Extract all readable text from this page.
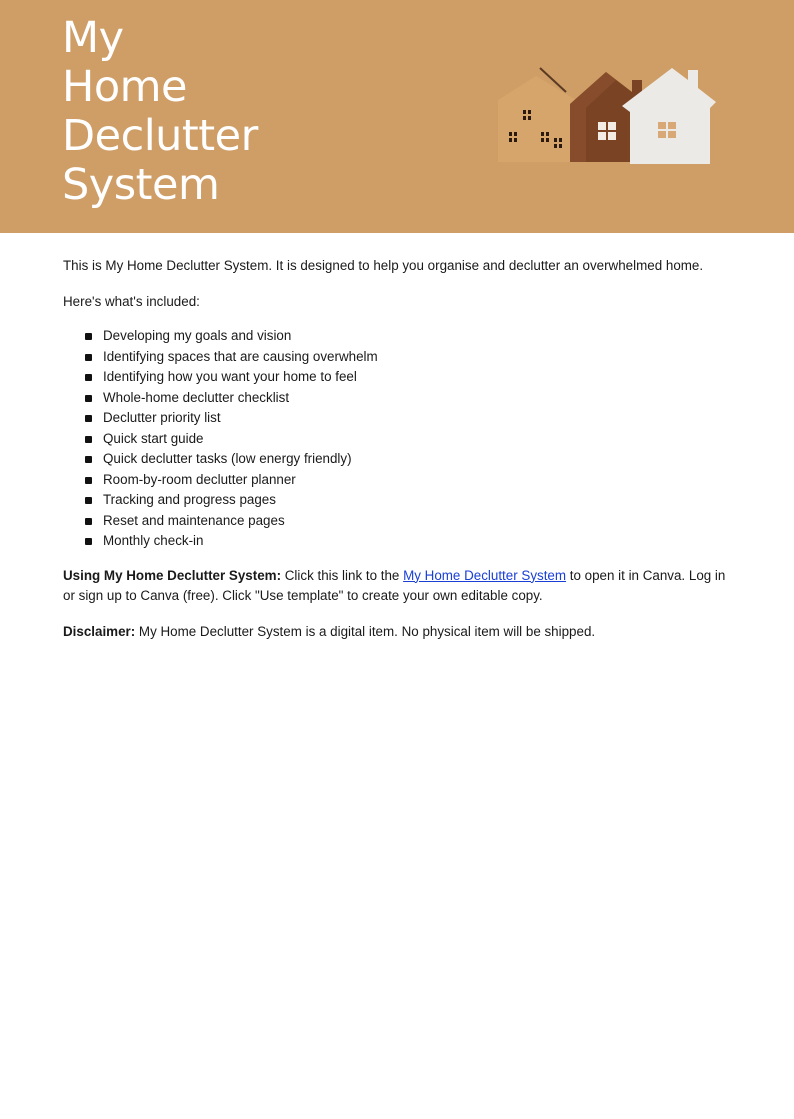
My
Home
Declutter
System

This is My Home Declutter System. It is designed to help you organise and declutter an overwhelmed home.

Here's what's included:

Developing my goals and vision
Identifying spaces that are causing overwhelm
Identifying how you want your home to feel
Whole-home declutter checklist
Declutter priority list
Quick start guide
Quick declutter tasks (low energy friendly)
Room-by-room declutter planner
Tracking and progress pages
Reset and maintenance pages
Monthly check-in

Using My Home Declutter System: Click this link to the My Home Declutter System to open it in Canva. Log in or sign up to Canva (free). Click "Use template" to create your own editable copy.

Disclaimer: My Home Declutter System is a digital item. No physical item will be shipped.
